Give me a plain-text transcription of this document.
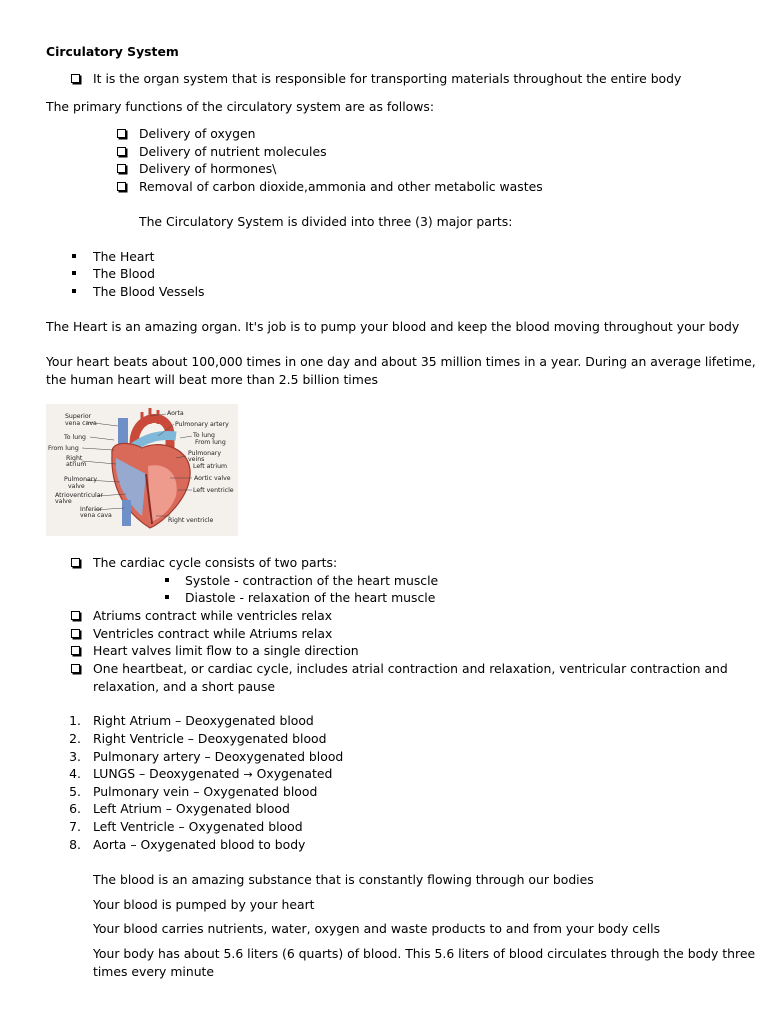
Circulatory System
It is the organ system that is responsible for transporting materials throughout the entire body
The primary functions of the circulatory system are as follows:
Delivery of oxygen
Delivery of nutrient molecules
Delivery of hormones\
Removal of carbon dioxide,ammonia and other metabolic wastes
The Circulatory System is divided into three (3) major parts:
The Heart
The Blood
The Blood Vessels
The Heart is an amazing organ. It's job is to pump your blood and keep the blood moving throughout your body
Your heart beats about 100,000 times in one day and about 35 million times in a year. During an average lifetime,
the human heart will beat more than 2.5 billion times
Superior
vena cava
To lung
From lung
Right
atrium
Pulmonary
valve
Atrioventricular
valve
Inferior
vena cava
Aorta
Pulmonary artery
To lung
From lung
Pulmonary
veins
Left atrium
Aortic valve
Left ventricle
Right ventricle
The cardiac cycle consists of two parts:
Systole - contraction of the heart muscle
Diastole - relaxation of the heart muscle
Atriums contract while ventricles relax
Ventricles contract while Atriums relax
Heart valves limit flow to a single direction
One heartbeat, or cardiac cycle, includes atrial contraction and relaxation, ventricular contraction and
relaxation, and a short pause
1. Right Atrium – Deoxygenated blood
2. Right Ventricle – Deoxygenated blood
3. Pulmonary artery – Deoxygenated blood
4. LUNGS – Deoxygenated → Oxygenated
5. Pulmonary vein – Oxygenated blood
6. Left Atrium – Oxygenated blood
7. Left Ventricle – Oxygenated blood
8. Aorta – Oxygenated blood to body
The blood is an amazing substance that is constantly flowing through our bodies
Your blood is pumped by your heart
Your blood carries nutrients, water, oxygen and waste products to and from your body cells
Your body has about 5.6 liters (6 quarts) of blood. This 5.6 liters of blood circulates through the body three
times every minute
